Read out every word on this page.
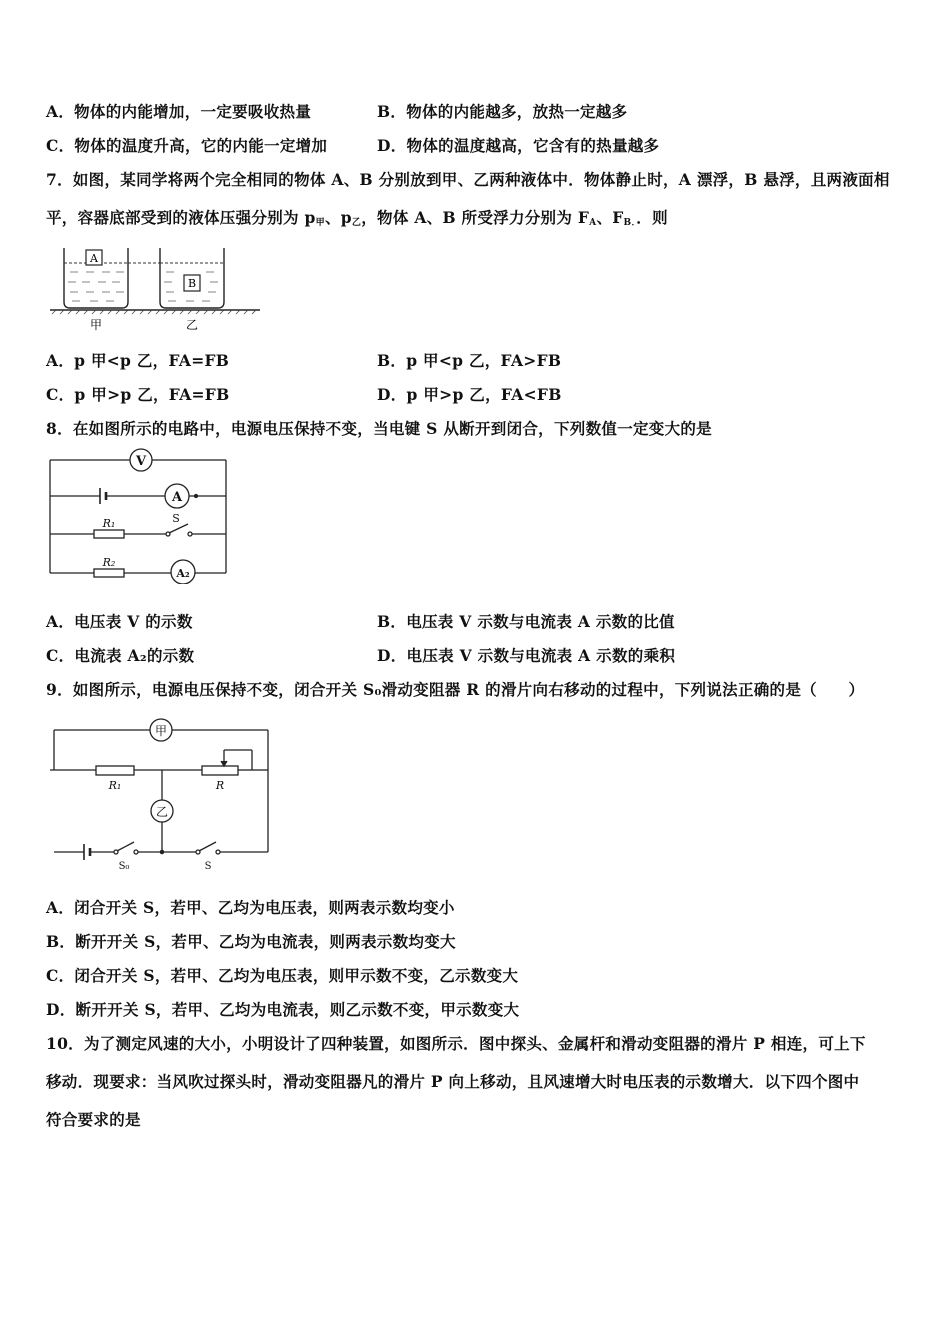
A．物体的内能增加，一定要吸收热量	B．物体的内能越多，放热一定越多
C．物体的温度升高，它的内能一定增加	D．物体的温度越高，它含有的热量越多
7．如图，某同学将两个完全相同的物体 A、B 分别放到甲、乙两种液体中．物体静止时，A 漂浮，B 悬浮，且两液面相
平，容器底部受到的液体压强分别为 $p_甲$、$p_乙$，物体 A、B 所受浮力分别为 $F_A$、$F_{B.}$．则
A
B
甲	乙
A．p 甲<p 乙，FA=FB	B．p 甲<p 乙，FA>FB
C．p 甲>p 乙，FA=FB	D．p 甲>p 乙，FA<FB
8．在如图所示的电路中，电源电压保持不变，当电键 S 从断开到闭合，下列数值一定变大的是
V
A
R₁	S
A₂
R₂
A．电压表 V 的示数	B．电压表 V 示数与电流表 A 示数的比值
C．电流表 A₂的示数	D．电压表 V 示数与电流表 A 示数的乘积
9．如图所示，电源电压保持不变，闭合开关 S₀滑动变阻器 R 的滑片向右移动的过程中，下列说法正确的是（　　）
甲
R₁	R
乙
S₀	S
A．闭合开关 S，若甲、乙均为电压表，则两表示数均变小
B．断开开关 S，若甲、乙均为电流表，则两表示数均变大
C．闭合开关 S，若甲、乙均为电压表，则甲示数不变，乙示数变大
D．断开开关 S，若甲、乙均为电流表，则乙示数不变，甲示数变大
10．为了测定风速的大小，小明设计了四种装置，如图所示．图中探头、金属杆和滑动变阻器的滑片 P 相连，可上下
移动．现要求：当风吹过探头时，滑动变阻器凡的滑片 P 向上移动，且风速增大时电压表的示数增大．以下四个图中
符合要求的是
